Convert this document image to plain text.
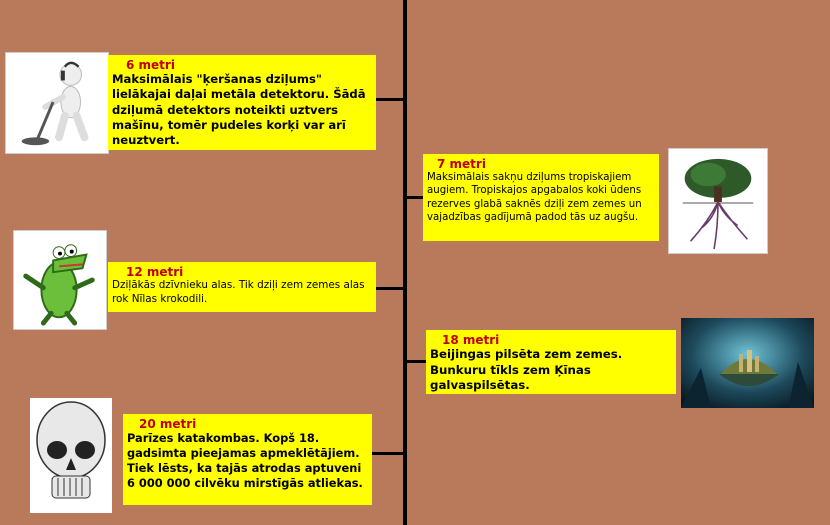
6 metri
Maksimālais "ķeršanas dziļums" lielākajai daļai metāla detektoru. Šādā dziļumā detektors noteikti uztvers mašīnu, tomēr pudeles korķi var arī neuztvert.
7 metri
Maksimālais sakņu dziļums tropiskajiem augiem. Tropiskajos apgabalos koki ūdens rezerves glabā saknēs dziļi zem zemes un vajadzības gadījumā padod tās uz augšu.
12 metri
Dziļākās dzīvnieku alas. Tik dziļi zem zemes alas rok Nīlas krokodili.
18 metri
Beijingas pilsēta zem zemes. Bunkuru tīkls zem Ķīnas galvaspilsētas.
20 metri
Parīzes katakombas. Kopš 18. gadsimta pieejamas apmeklētājiem. Tiek lēsts, ka tajās atrodas aptuveni 6 000 000 cilvēku mirstīgās atliekas.
